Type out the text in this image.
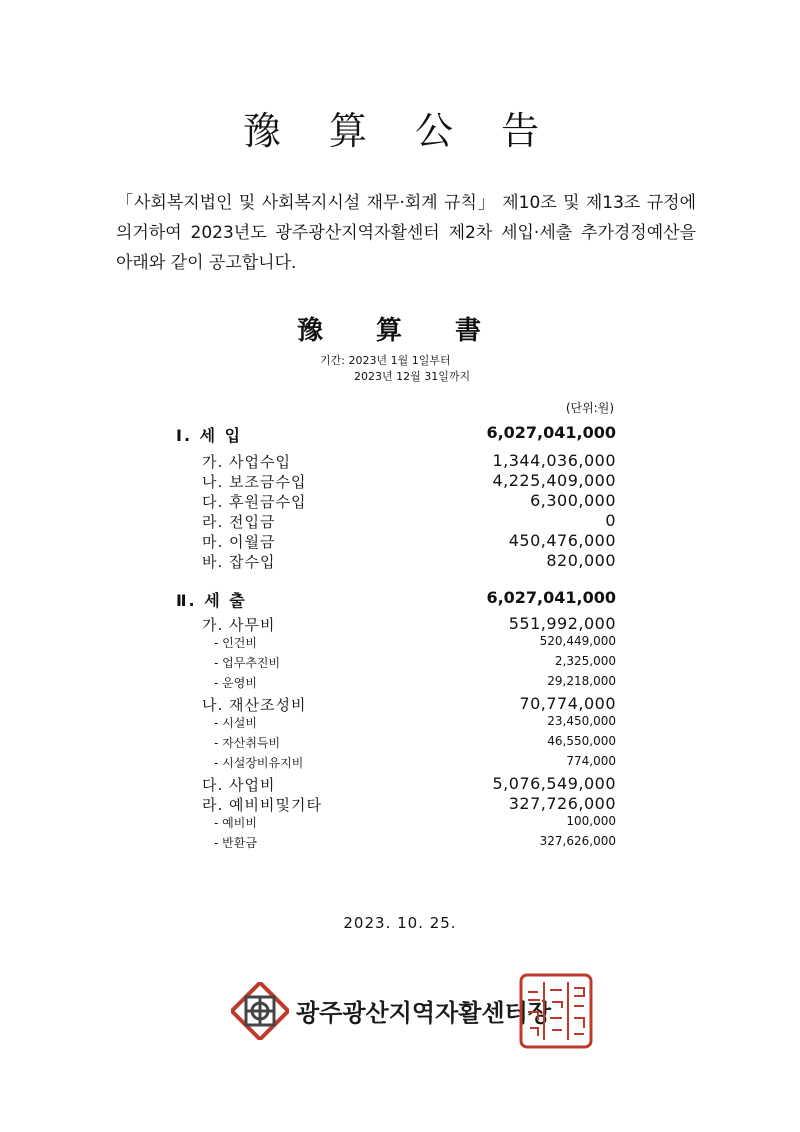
豫 算 公 告
「사회복지법인 및 사회복지시설 재무·회계 규칙」 제10조 및 제13조 규정에 의거하여 2023년도 광주광산지역자활센터 제2차 세입·세출 추가경정예산을 아래와 같이 공고합니다.
豫 算 書
기간: 2023년 1월 1일부터
2023년 12월 31일까지
(단위:원)
Ⅰ. 세 입	6,027,041,000
가. 사업수입	1,344,036,000
나. 보조금수입	4,225,409,000
다. 후원금수입	6,300,000
라. 전입금	0
마. 이월금	450,476,000
바. 잡수입	820,000
Ⅱ. 세 출	6,027,041,000
가. 사무비	551,992,000
- 인건비	520,449,000
- 업무추진비	2,325,000
- 운영비	29,218,000
나. 재산조성비	70,774,000
- 시설비	23,450,000
- 자산취득비	46,550,000
- 시설장비유지비	774,000
다. 사업비	5,076,549,000
라. 예비비및기타	327,726,000
- 예비비	100,000
- 반환금	327,626,000
2023. 10. 25.
광주광산지역자활센터장
